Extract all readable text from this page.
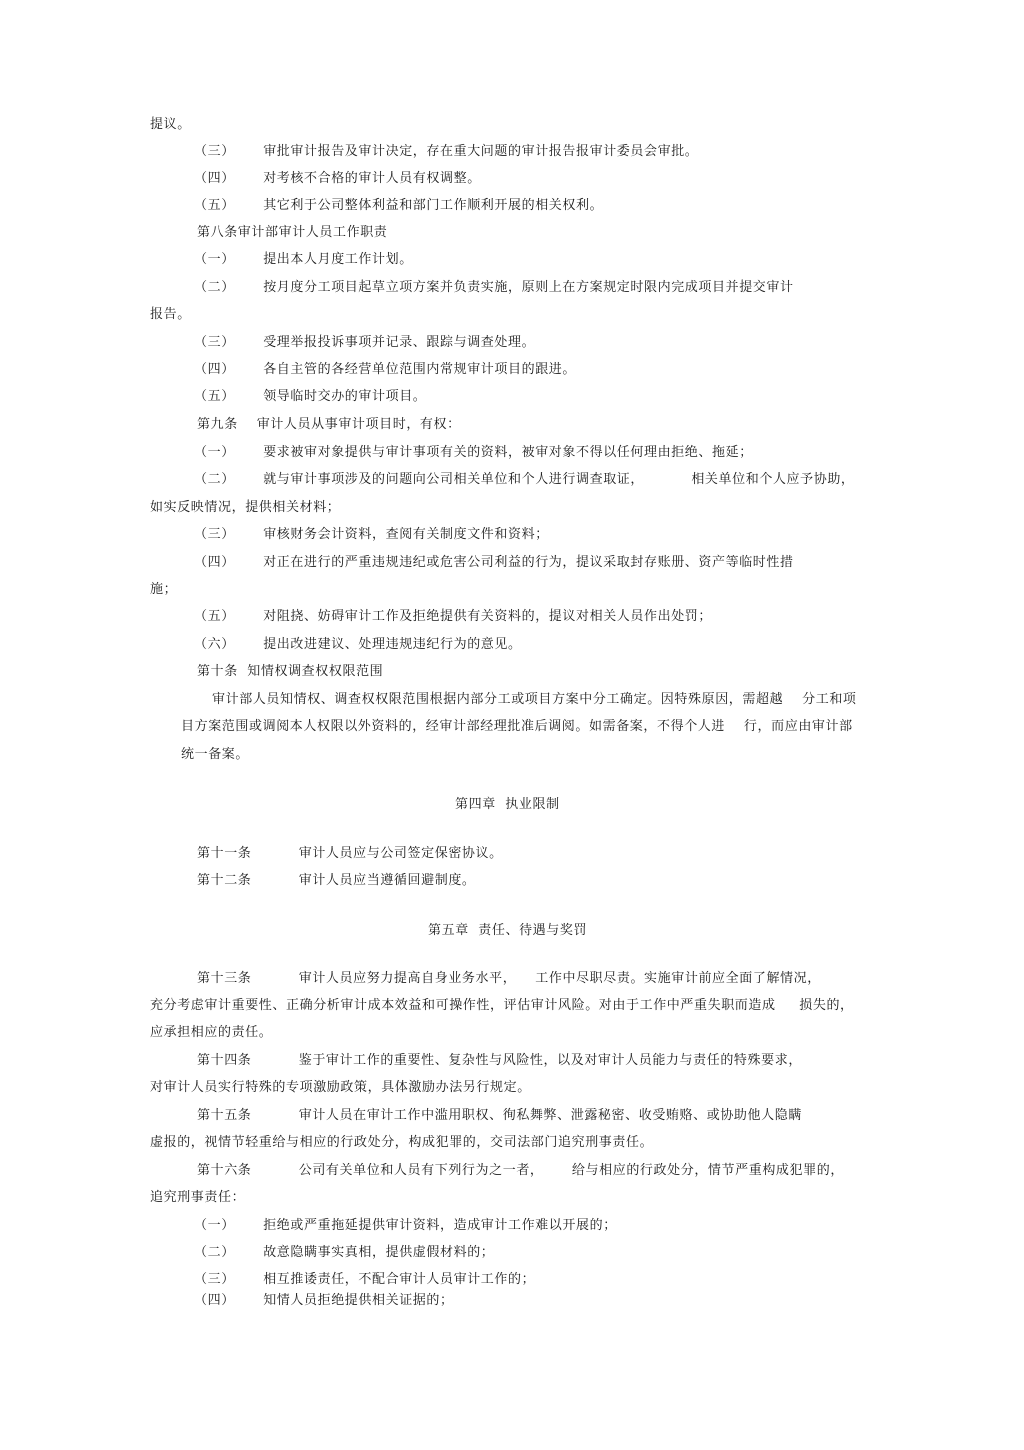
提议。
（三）      审批审计报告及审计决定，存在重大问题的审计报告报审计委员会审批。
（四）      对考核不合格的审计人员有权调整。
（五）      其它利于公司整体利益和部门工作顺利开展的相关权利。
第八条审计部审计人员工作职责
（一）      提出本人月度工作计划。
（二）      按月度分工项目起草立项方案并负责实施，原则上在方案规定时限内完成项目并提交审计
报告。
（三）      受理举报投诉事项并记录、跟踪与调查处理。
（四）      各自主管的各经营单位范围内常规审计项目的跟进。
（五）      领导临时交办的审计项目。
第九条    审计人员从事审计项目时，有权：
（一）      要求被审对象提供与审计事项有关的资料，被审对象不得以任何理由拒绝、拖延；
（二）      就与审计事项涉及的问题向公司相关单位和个人进行调查取证，          相关单位和个人应予协助，
如实反映情况，提供相关材料；
（三）      审核财务会计资料，查阅有关制度文件和资料；
（四）      对正在进行的严重违规违纪或危害公司利益的行为，提议采取封存账册、资产等临时性措
施；
（五）      对阻挠、妨碍审计工作及拒绝提供有关资料的，提议对相关人员作出处罚；
（六）      提出改进建议、处理违规违纪行为的意见。
第十条  知情权调查权权限范围
审计部人员知情权、调查权权限范围根据内部分工或项目方案中分工确定。因特殊原因，需超越    分工和项
目方案范围或调阅本人权限以外资料的，经审计部经理批准后调阅。如需备案，不得个人进    行，而应由审计部
统一备案。
第四章  执业限制
第十一条          审计人员应与公司签定保密协议。
第十二条          审计人员应当遵循回避制度。
第五章  责任、待遇与奖罚
第十三条          审计人员应努力提高自身业务水平，    工作中尽职尽责。实施审计前应全面了解情况，
充分考虑审计重要性、正确分析审计成本效益和可操作性，评估审计风险。对由于工作中严重失职而造成     损失的，
应承担相应的责任。
第十四条          鉴于审计工作的重要性、复杂性与风险性，以及对审计人员能力与责任的特殊要求，
对审计人员实行特殊的专项激励政策，具体激励办法另行规定。
第十五条          审计人员在审计工作中滥用职权、徇私舞弊、泄露秘密、收受贿赂、或协助他人隐瞒
虚报的，视情节轻重给与相应的行政处分，构成犯罪的，交司法部门追究刑事责任。
第十六条          公司有关单位和人员有下列行为之一者，      给与相应的行政处分，情节严重构成犯罪的，
追究刑事责任：
（一）      拒绝或严重拖延提供审计资料，造成审计工作难以开展的；
（二）      故意隐瞒事实真相，提供虚假材料的；
（三）      相互推诿责任，不配合审计人员审计工作的；
（四）      知情人员拒绝提供相关证据的；
